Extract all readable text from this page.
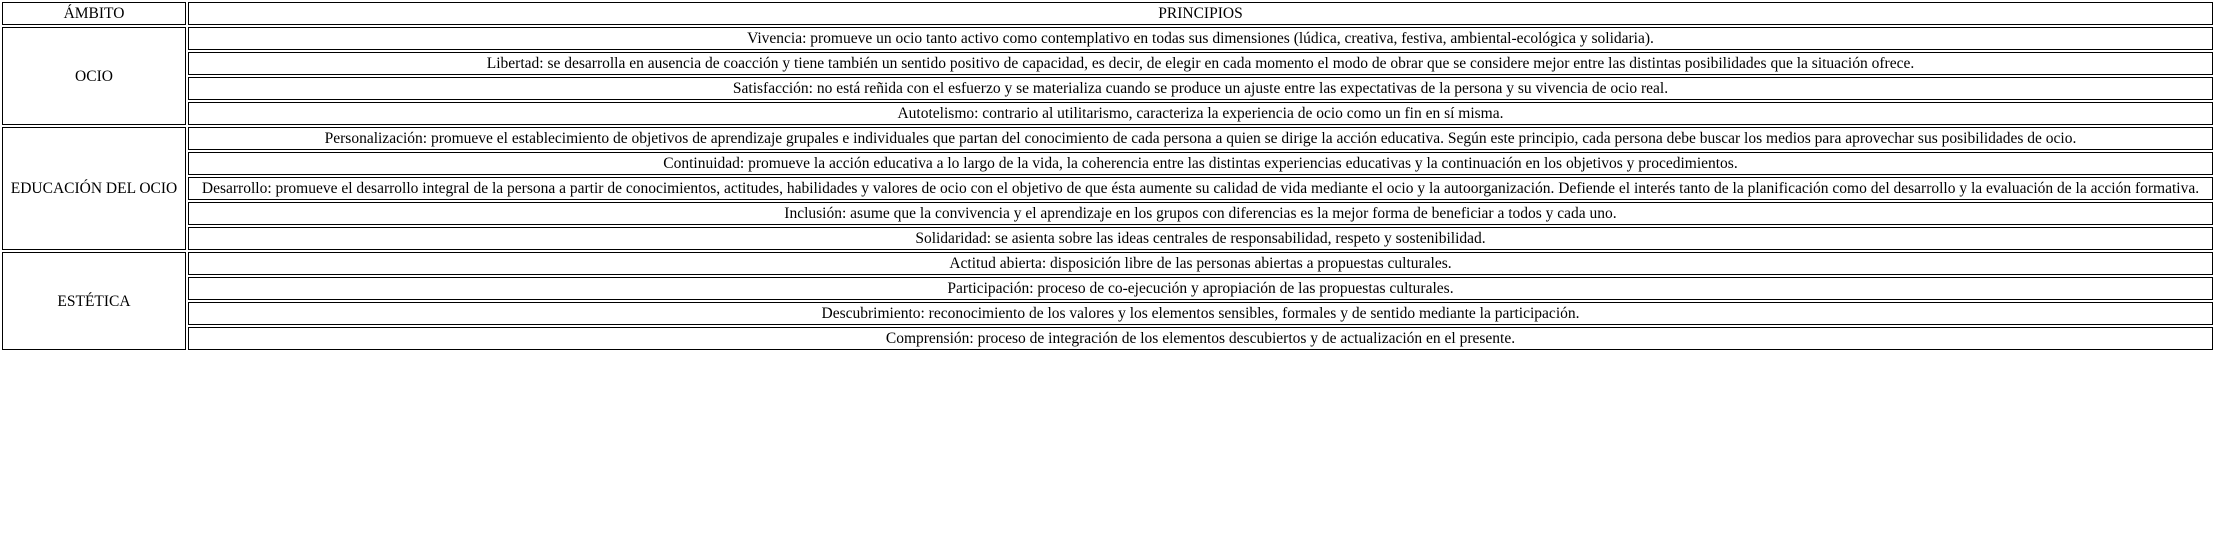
ÁMBITO	PRINCIPIOS
OCIO	Vivencia: promueve un ocio tanto activo como contemplativo en todas sus dimensiones (lúdica, creativa, festiva, ambiental-ecológica y solidaria).
	Libertad: se desarrolla en ausencia de coacción y tiene también un sentido positivo de capacidad, es decir, de elegir en cada momento el modo de obrar que se considere mejor entre las distintas posibilidades que la situación ofrece.
	Satisfacción: no está reñida con el esfuerzo y se materializa cuando se produce un ajuste entre las expectativas de la persona y su vivencia de ocio real.
	Autotelismo: contrario al utilitarismo, caracteriza la experiencia de ocio como un fin en sí misma.
EDUCACIÓN DEL OCIO	Personalización: promueve el establecimiento de objetivos de aprendizaje grupales e individuales que partan del conocimiento de cada persona a quien se dirige la acción educativa. Según este principio, cada persona debe buscar los medios para aprovechar sus posibilidades de ocio.
	Continuidad: promueve la acción educativa a lo largo de la vida, la coherencia entre las distintas experiencias educativas y la continuación en los objetivos y procedimientos.
	Desarrollo: promueve el desarrollo integral de la persona a partir de conocimientos, actitudes, habilidades y valores de ocio con el objetivo de que ésta aumente su calidad de vida mediante el ocio y la autoorganización. Defiende el interés tanto de la planificación como del desarrollo y la evaluación de la acción formativa.
	Inclusión: asume que la convivencia y el aprendizaje en los grupos con diferencias es la mejor forma de beneficiar a todos y cada uno.
	Solidaridad: se asienta sobre las ideas centrales de responsabilidad, respeto y sostenibilidad.
ESTÉTICA	Actitud abierta: disposición libre de las personas abiertas a propuestas culturales.
	Participación: proceso de co-ejecución y apropiación de las propuestas culturales.
	Descubrimiento: reconocimiento de los valores y los elementos sensibles, formales y de sentido mediante la participación.
	Comprensión: proceso de integración de los elementos descubiertos y de actualización en el presente.
